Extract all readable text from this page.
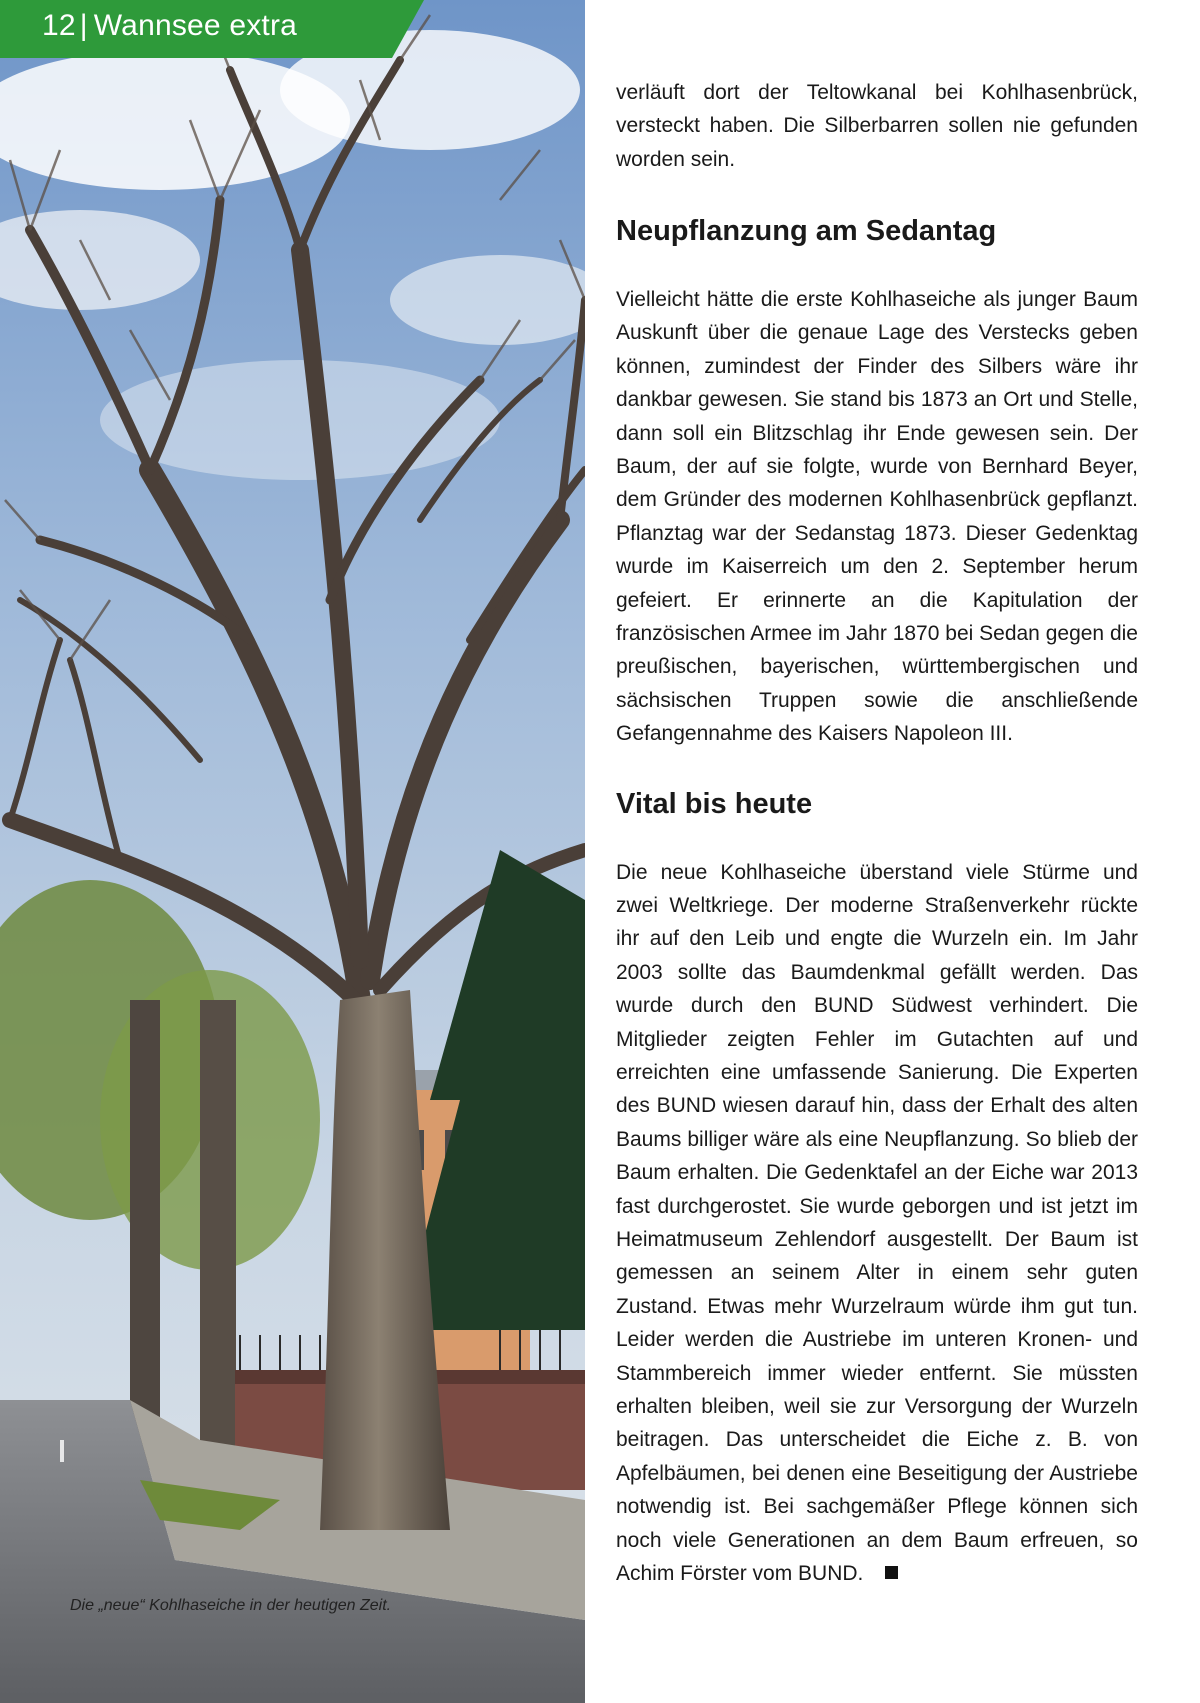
12 | Wannsee extra
Die „neue“ Kohlhaseiche in der heutigen Zeit.

verläuft dort der Teltowkanal bei Kohlhasenbrück, versteckt haben. Die Silberbarren sollen nie gefunden worden sein.

Neupflanzung am Sedantag

Vielleicht hätte die erste Kohlhaseiche als junger Baum Auskunft über die genaue Lage des Verstecks geben können, zumindest der Finder des Silbers wäre ihr dankbar gewesen. Sie stand bis 1873 an Ort und Stelle, dann soll ein Blitzschlag ihr Ende gewesen sein. Der Baum, der auf sie folgte, wurde von Bernhard Beyer, dem Gründer des modernen Kohlhasenbrück gepflanzt. Pflanztag war der Sedanstag 1873. Dieser Gedenktag wurde im Kaiserreich um den 2. September herum gefeiert. Er erinnerte an die Kapitulation der französischen Armee im Jahr 1870 bei Sedan gegen die preußischen, bayerischen, württembergischen und sächsischen Truppen sowie die anschließende Gefangennahme des Kaisers Napoleon III.

Vital bis heute

Die neue Kohlhaseiche überstand viele Stürme und zwei Weltkriege. Der moderne Straßenverkehr rückte ihr auf den Leib und engte die Wurzeln ein. Im Jahr 2003 sollte das Baumdenkmal gefällt werden. Das wurde durch den BUND Südwest verhindert. Die Mitglieder zeigten Fehler im Gutachten auf und erreichten eine umfassende Sanierung. Die Experten des BUND wiesen darauf hin, dass der Erhalt des alten Baums billiger wäre als eine Neupflanzung. So blieb der Baum erhalten. Die Gedenktafel an der Eiche war 2013 fast durchgerostet. Sie wurde geborgen und ist jetzt im Heimatmuseum Zehlendorf ausgestellt. Der Baum ist gemessen an seinem Alter in einem sehr guten Zustand. Etwas mehr Wurzelraum würde ihm gut tun. Leider werden die Austriebe im unteren Kronen- und Stammbereich immer wieder entfernt. Sie müssten erhalten bleiben, weil sie zur Versorgung der Wurzeln beitragen. Das unterscheidet die Eiche z. B. von Apfelbäumen, bei denen eine Beseitigung der Austriebe notwendig ist. Bei sachgemäßer Pflege können sich noch viele Generationen an dem Baum erfreuen, so Achim Förster vom BUND.
